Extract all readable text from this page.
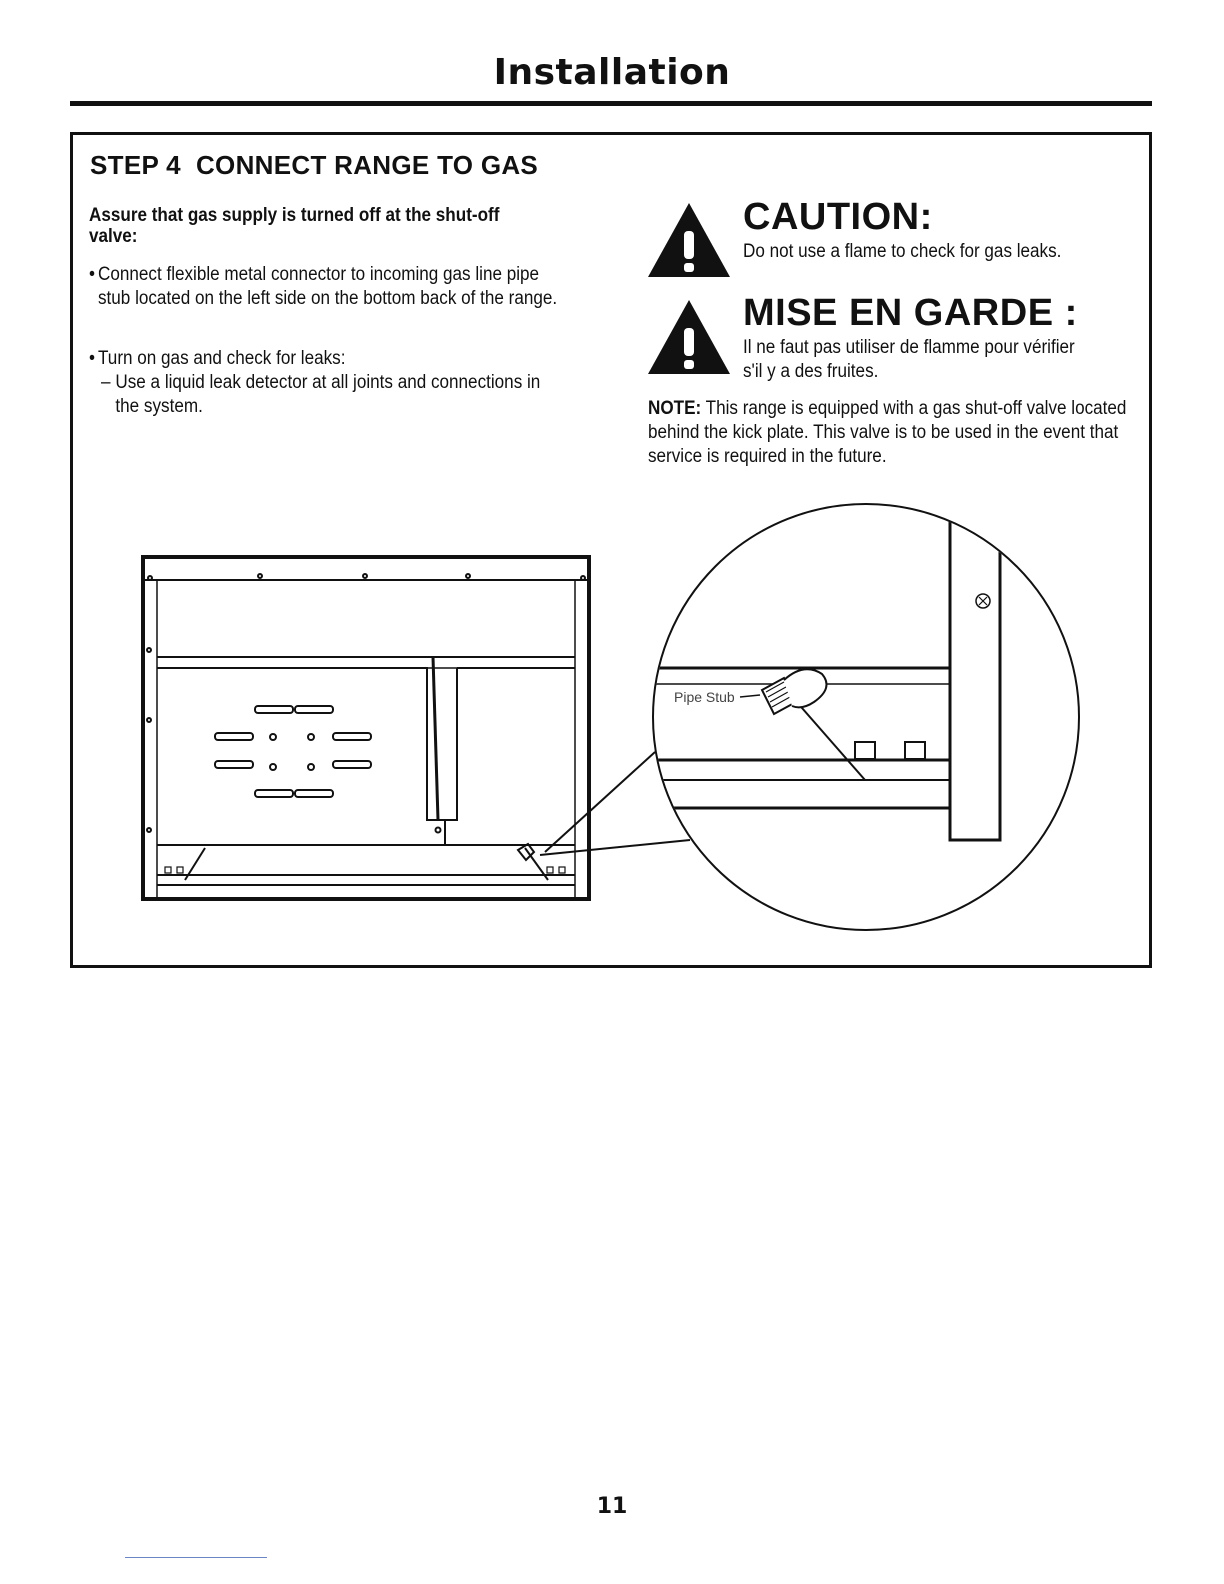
Installation
STEP 4  CONNECT RANGE TO GAS
Assure that gas supply is turned off at the shut-off valve:
• Connect flexible metal connector to incoming gas line pipe stub located on the left side on the bottom back of the range.
• Turn on gas and check for leaks:
– Use a liquid leak detector at all joints and connections in the system.
CAUTION:
Do not use a flame to check for gas leaks.
MISE EN GARDE :
Il ne faut pas utiliser de flamme pour vérifier s'il y a des fruites.
NOTE: This range is equipped with a gas shut-off valve located behind the kick plate. This valve is to be used in the event that service is required in the future.
Pipe Stub
11
